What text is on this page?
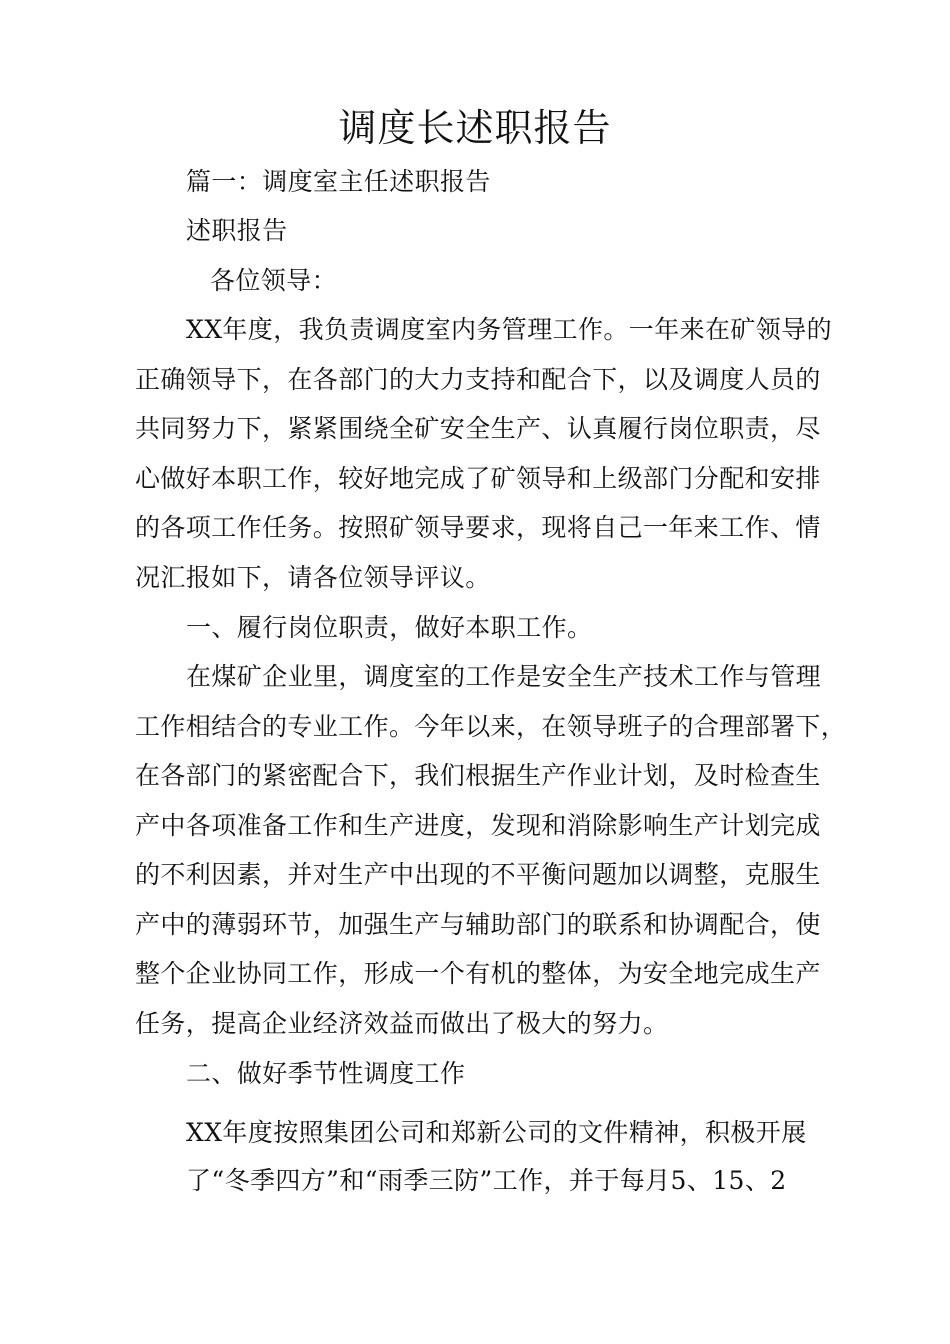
调度长述职报告
篇一：调度室主任述职报告
述职报告
各位领导：
XX年度，我负责调度室内务管理工作。一年来在矿领导的
正确领导下，在各部门的大力支持和配合下，以及调度人员的
共同努力下，紧紧围绕全矿安全生产、认真履行岗位职责，尽
心做好本职工作，较好地完成了矿领导和上级部门分配和安排
的各项工作任务。按照矿领导要求，现将自己一年来工作、情
况汇报如下，请各位领导评议。
一、履行岗位职责，做好本职工作。
在煤矿企业里，调度室的工作是安全生产技术工作与管理
工作相结合的专业工作。今年以来，在领导班子的合理部署下，
在各部门的紧密配合下，我们根据生产作业计划，及时检查生
产中各项准备工作和生产进度，发现和消除影响生产计划完成
的不利因素，并对生产中出现的不平衡问题加以调整，克服生
产中的薄弱环节，加强生产与辅助部门的联系和协调配合，使
整个企业协同工作，形成一个有机的整体，为安全地完成生产
任务，提高企业经济效益而做出了极大的努力。
二、做好季节性调度工作
XX年度按照集团公司和郑新公司的文件精神，积极开展
了“冬季四方”和“雨季三防”工作，并于每月5、15、2
